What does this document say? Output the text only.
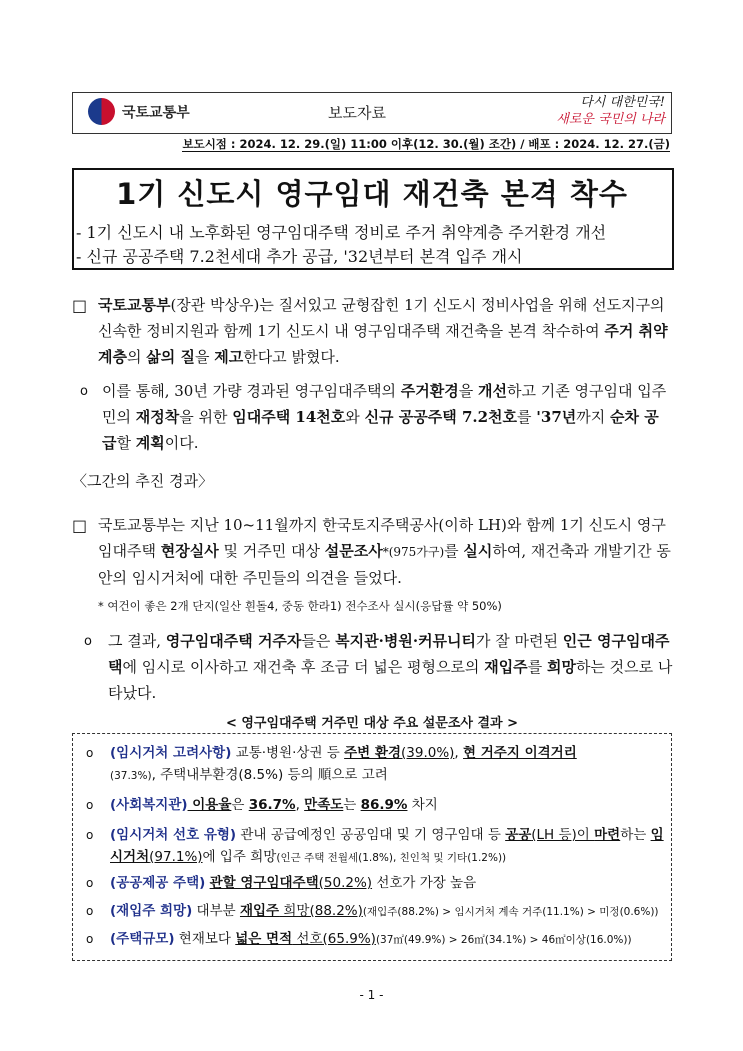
국토교통부	보도자료
다시 대한민국!
새로운 국민의 나라
보도시점 : 2024. 12. 29.(일) 11:00 이후(12. 30.(월) 조간) / 배포 : 2024. 12. 27.(금)
1기 신도시 영구임대 재건축 본격 착수
- 1기 신도시 내 노후화된 영구임대주택 정비로 주거 취약계층 주거환경 개선
- 신규 공공주택 7.2천세대 추가 공급, '32년부터 본격 입주 개시
□ 국토교통부(장관 박상우)는 질서있고 균형잡힌 1기 신도시 정비사업을 위해 선도지구의 신속한 정비지원과 함께 1기 신도시 내 영구임대주택 재건축을 본격 착수하여 주거 취약계층의 삶의 질을 제고한다고 밝혔다.
o 이를 통해, 30년 가량 경과된 영구임대주택의 주거환경을 개선하고 기존 영구임대 입주민의 재정착을 위한 임대주택 14천호와 신규 공공주택 7.2천호를 '37년까지 순차 공급할 계획이다.
〈그간의 추진 경과〉
□ 국토교통부는 지난 10~11월까지 한국토지주택공사(이하 LH)와 함께 1기 신도시 영구임대주택 현장실사 및 거주민 대상 설문조사*(975가구)를 실시하여, 재건축과 개발기간 동안의 임시거처에 대한 주민들의 의견을 들었다.
* 여건이 좋은 2개 단지(일산 흰돌4, 중동 한라1) 전수조사 실시(응답률 약 50%)
o 그 결과, 영구임대주택 거주자들은 복지관·병원·커뮤니티가 잘 마련된 인근 영구임대주택에 임시로 이사하고 재건축 후 조금 더 넓은 평형으로의 재입주를 희망하는 것으로 나타났다.
< 영구임대주택 거주민 대상 주요 설문조사 결과 >
o (임시거처 고려사항) 교통·병원·상권 등 주변 환경(39.0%), 현 거주지 이격거리
(37.3%), 주택내부환경(8.5%) 등의 順으로 고려
o (사회복지관) 이용율은 36.7%, 만족도는 86.9% 차지
o (임시거처 선호 유형) 관내 공급예정인 공공임대 및 기 영구임대 등 공공(LH 등)이 마련하는 임시거처(97.1%)에 입주 희망(인근 주택 전월세(1.8%), 친인척 및 기타(1.2%))
o (공공제공 주택) 관할 영구임대주택(50.2%) 선호가 가장 높음
o (재입주 희망) 대부분 재입주 희망(88.2%)(재입주(88.2%) > 임시거처 계속 거주(11.1%) > 미정(0.6%))
o (주택규모) 현재보다 넓은 면적 선호(65.9%)(37㎡(49.9%) > 26㎡(34.1%) > 46㎡이상(16.0%))
- 1 -
